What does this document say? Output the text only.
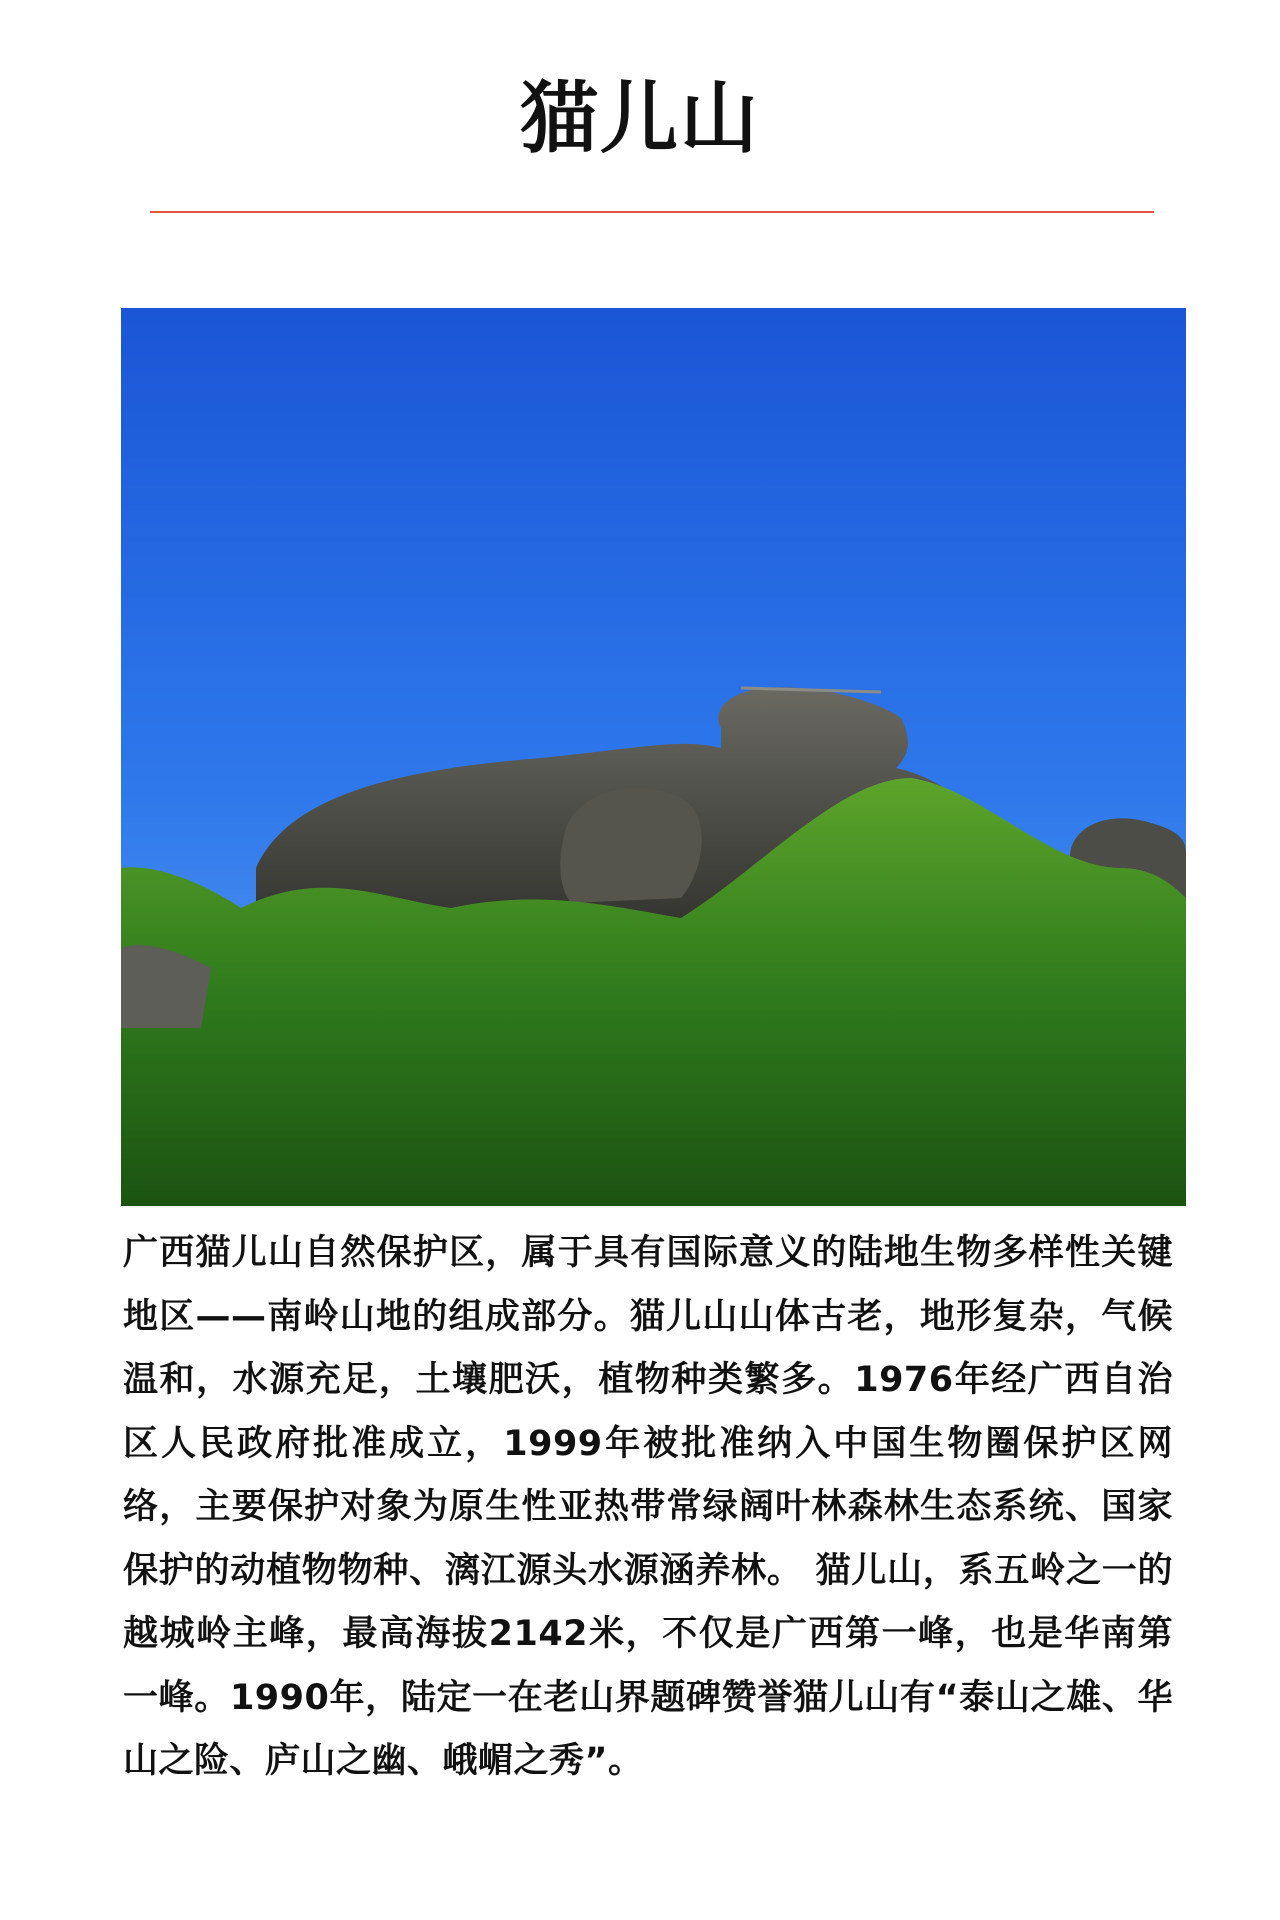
猫儿山
广西猫儿山自然保护区，属于具有国际意义的陆地生物多样性关键地区——南岭山地的组成部分。猫儿山山体古老，地形复杂，气候温和，水源充足，土壤肥沃，植物种类繁多。1976年经广西自治区人民政府批准成立，1999年被批准纳入中国生物圈保护区网络，主要保护对象为原生性亚热带常绿阔叶林森林生态系统、国家保护的动植物物种、漓江源头水源涵养林。 猫儿山，系五岭之一的越城岭主峰，最高海拔2142米，不仅是广西第一峰，也是华南第一峰。1990年，陆定一在老山界题碑赞誉猫儿山有“泰山之雄、华山之险、庐山之幽、峨嵋之秀”。
